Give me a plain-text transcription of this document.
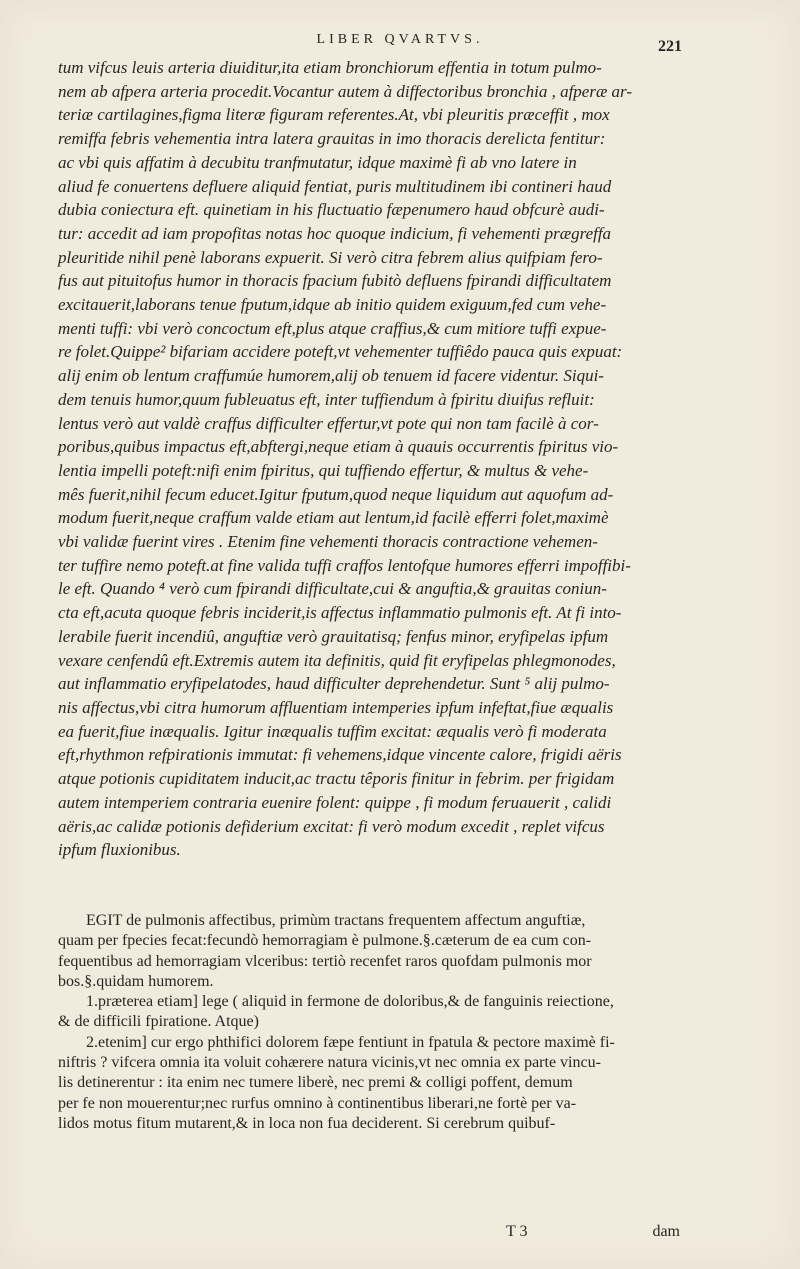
LIBER QVARTVS.	221
tum vifcus leuis arteria diuiditur,ita etiam bronchiorum effentia in totum pulmo-
nem ab afpera arteria procedit.Vocantur autem à diffectoribus bronchia , afperæ ar-
teriæ cartilagines,figma literæ figuram referentes.At, vbi pleuritis præceffit , mox
remiffa febris vehementia intra latera grauitas in imo thoracis derelicta fentitur:
ac vbi quis affatim à decubitu tranfmutatur, idque maximè fi ab vno latere in
aliud fe conuertens defluere aliquid fentiat, puris multitudinem ibi contineri haud
dubia coniectura eft. quinetiam in his fluctuatio fæpenumero haud obfcurè audi-
tur: accedit ad iam propofitas notas hoc quoque indicium, fi vehementi prægreffa
pleuritide nihil penè laborans expuerit. Si verò citra febrem alius quifpiam fero-
fus aut pituitofus humor in thoracis fpacium fubitò defluens fpirandi difficultatem
excitauerit,laborans tenue fputum,idque ab initio quidem exiguum,fed cum vehe-
menti tuffi: vbi verò concoctum eft,plus atque craffius,& cum mitiore tuffi expue-
re folet.Quippe² bifariam accidere poteft,vt vehementer tuffiêdo pauca quis expuat:
alij enim ob lentum craffumúe humorem,alij ob tenuem id facere videntur. Siqui-
dem tenuis humor,quum fubleuatus eft, inter tuffiendum à fpiritu diuifus refluit:
lentus verò aut valdè craffus difficulter effertur,vt pote qui non tam facilè à cor-
poribus,quibus impactus eft,abftergi,neque etiam à quauis occurrentis fpiritus vio-
lentia impelli poteft:nifi enim fpiritus, qui tuffiendo effertur, & multus & vehe-
mês fuerit,nihil fecum educet.Igitur fputum,quod neque liquidum aut aquofum ad-
modum fuerit,neque craffum valde etiam aut lentum,id facilè efferri folet,maximè
vbi validæ fuerint vires . Etenim fine vehementi thoracis contractione vehemen-
ter tuffire nemo poteft.at fine valida tuffi craffos lentofque humores efferri impoffibi-
le eft. Quando ⁴ verò cum fpirandi difficultate,cui & anguftia,& grauitas coniun-
cta eft,acuta quoque febris inciderit,is affectus inflammatio pulmonis eft. At fi into-
lerabile fuerit incendiû, anguftiæ verò grauitatisq; fenfus minor, eryfipelas ipfum
vexare cenfendû eft.Extremis autem ita definitis, quid fit eryfipelas phlegmonodes,
aut inflammatio eryfipelatodes, haud difficulter deprehendetur. Sunt ⁵ alij pulmo-
nis affectus,vbi citra humorum affluentiam intemperies ipfum infeftat,fiue æqualis
ea fuerit,fiue inæqualis. Igitur inæqualis tuffim excitat: æqualis verò fi moderata
eft,rhythmon refpirationis immutat: fi vehemens,idque vincente calore, frigidi aëris
atque potionis cupiditatem inducit,ac tractu têporis finitur in febrim. per frigidam
autem intemperiem contraria euenire folent: quippe , fi modum feruauerit , calidi
aëris,ac calidæ potionis defiderium excitat: fi verò modum excedit , replet vifcus
ipfum fluxionibus.
EGIT de pulmonis affectibus, primùm tractans frequentem affectum anguftiæ,
quam per fpecies fecat:fecundò hemorragiam è pulmone.§.cæterum de ea cum con-
fequentibus ad hemorragiam vlceribus: tertiò recenfet raros quofdam pulmonis mor
bos.§.quidam humorem.
1.præterea etiam] lege ( aliquid in fermone de doloribus,& de fanguinis reiectione,
& de difficili fpiratione. Atque)
2.etenim] cur ergo phthifici dolorem fæpe fentiunt in fpatula & pectore maximè fi-
niftris ? vifcera omnia ita voluit cohærere natura vicinis,vt nec omnia ex parte vincu-
lis detinerentur : ita enim nec tumere liberè, nec premi & colligi poffent, demum
per fe non mouerentur;nec rurfus omnino à continentibus liberari,ne fortè per va-
lidos motus fitum mutarent,& in loca non fua deciderent. Si cerebrum quibuf-
T 3	dam
